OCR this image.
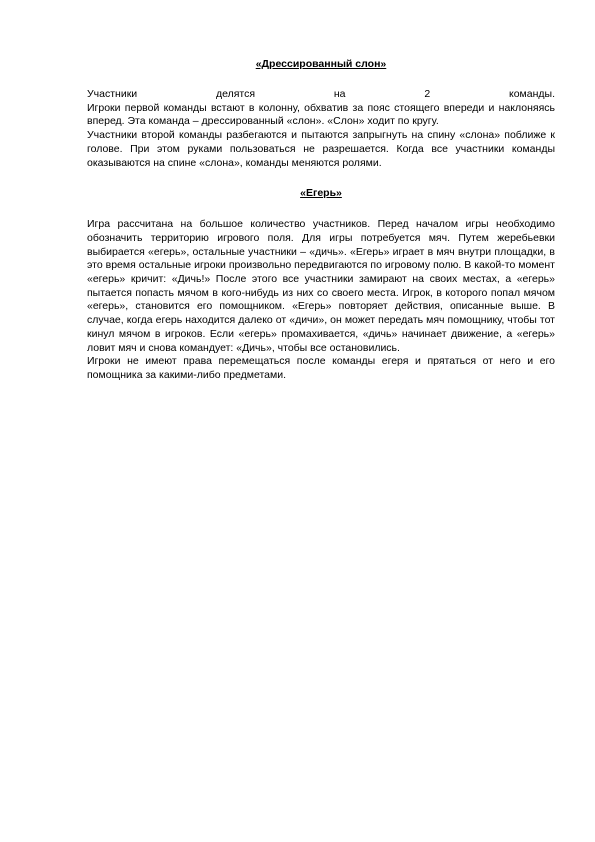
«Дрессированный слон»

Участники делятся на 2 команды.

Игроки первой команды встают в колонну, обхватив за пояс стоящего впереди и наклоняясь вперед. Эта команда – дрессированный «слон». «Слон» ходит по кругу.

Участники второй команды разбегаются и пытаются запрыгнуть на спину «слона» поближе к голове. При этом руками пользоваться не разрешается. Когда все участники команды оказываются на спине «слона», команды меняются ролями.

«Егерь»

Игра рассчитана на большое количество участников. Перед началом игры необходимо обозначить территорию игрового поля. Для игры потребуется мяч. Путем жеребьевки выбирается «егерь», остальные участники – «дичь». «Егерь» играет в мяч внутри площадки, в это время остальные игроки произвольно передвигаются по игровому полю. В какой-то момент «егерь» кричит: «Дичь!» После этого все участники замирают на своих местах, а «егерь» пытается попасть мячом в кого-нибудь из них со своего места. Игрок, в которого попал мячом «егерь», становится его помощником. «Егерь» повторяет действия, описанные выше. В случае, когда егерь находится далеко от «дичи», он может передать мяч помощнику, чтобы тот кинул мячом в игроков. Если «егерь» промахивается, «дичь» начинает движение, а «егерь» ловит мяч и снова командует: «Дичь», чтобы все остановились.

Игроки не имеют права перемещаться после команды егеря и прятаться от него и его помощника за какими-либо предметами.
